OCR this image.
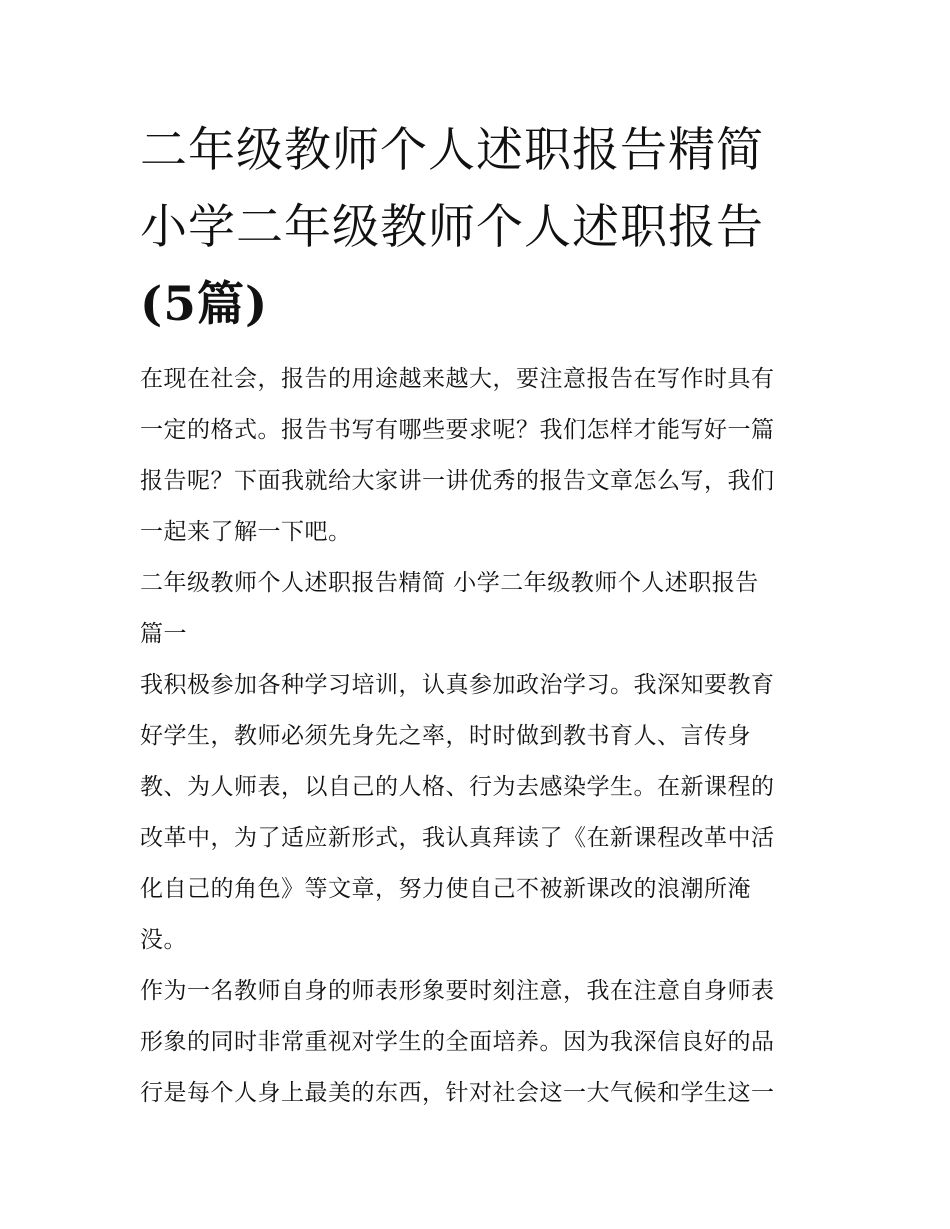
二年级教师个人述职报告精简
小学二年级教师个人述职报告
(5篇)
在现在社会，报告的用途越来越大，要注意报告在写作时具有
一定的格式。报告书写有哪些要求呢？我们怎样才能写好一篇
报告呢？下面我就给大家讲一讲优秀的报告文章怎么写，我们
一起来了解一下吧。
二年级教师个人述职报告精简 小学二年级教师个人述职报告
篇一
我积极参加各种学习培训，认真参加政治学习。我深知要教育
好学生，教师必须先身先之率，时时做到教书育人、言传身
教、为人师表，以自己的人格、行为去感染学生。在新课程的
改革中，为了适应新形式，我认真拜读了《在新课程改革中活
化自己的角色》等文章，努力使自己不被新课改的浪潮所淹
没。
作为一名教师自身的师表形象要时刻注意，我在注意自身师表
形象的同时非常重视对学生的全面培养。因为我深信良好的品
行是每个人身上最美的东西，针对社会这一大气候和学生这一
